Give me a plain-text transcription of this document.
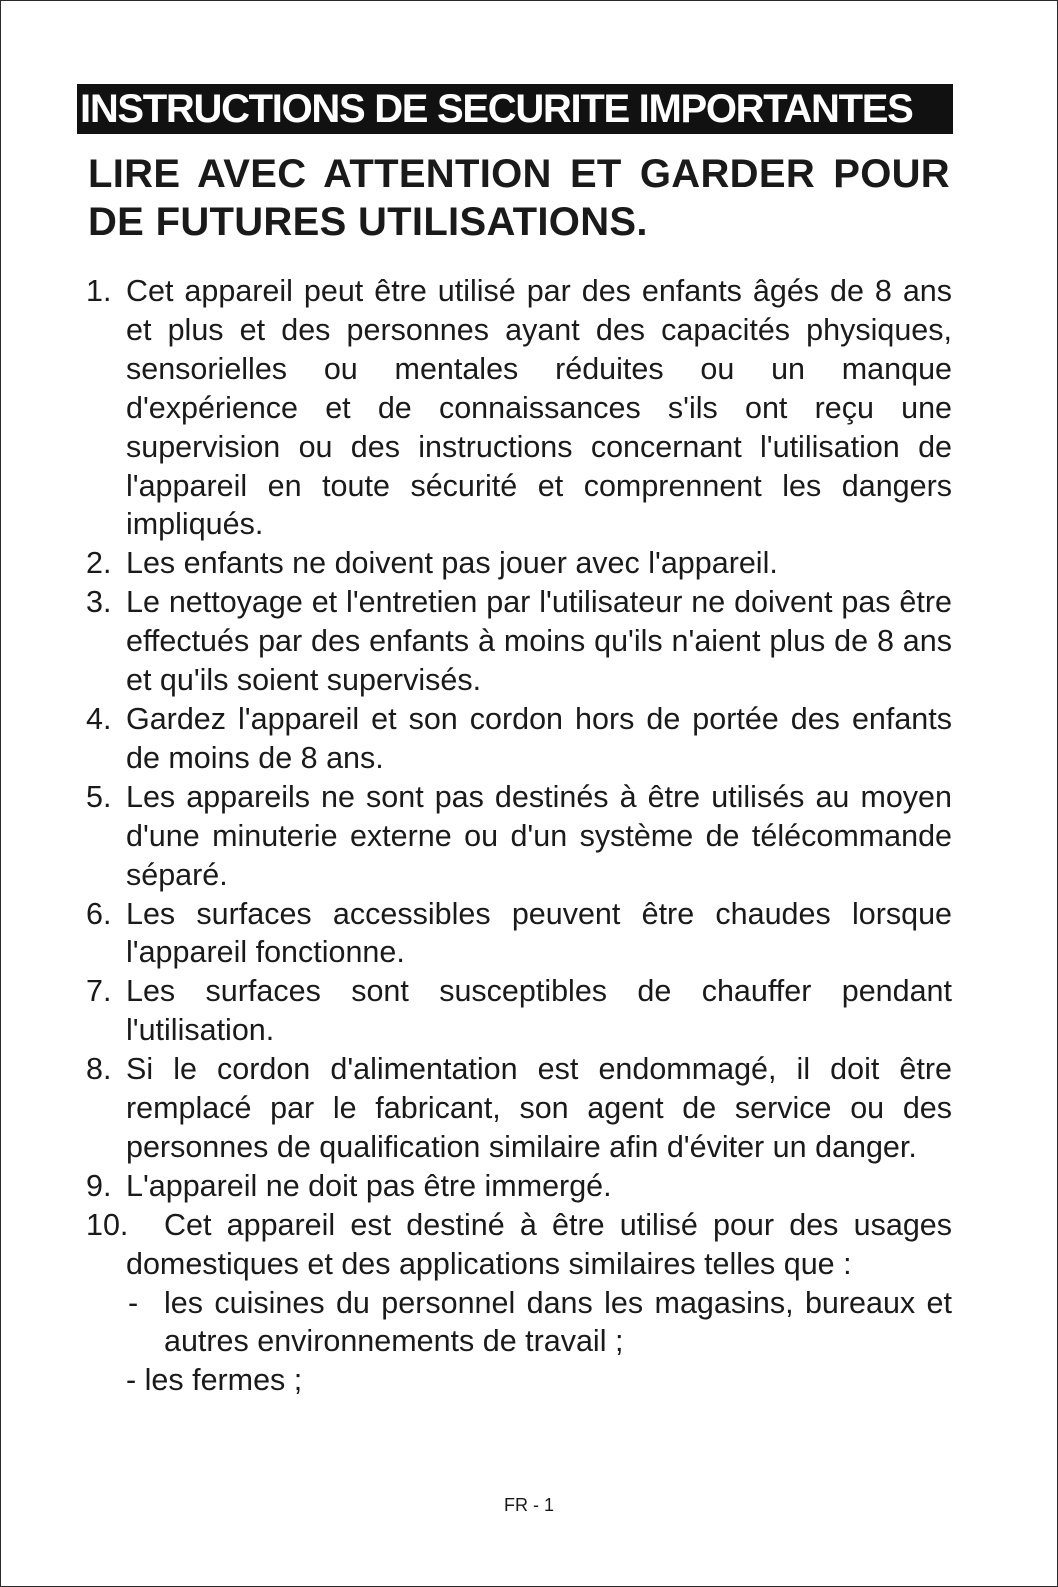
INSTRUCTIONS DE SECURITE IMPORTANTES
LIRE AVEC ATTENTION ET GARDER POUR
DE FUTURES UTILISATIONS.
1. Cet appareil peut être utilisé par des enfants âgés de 8 ans et plus et des personnes ayant des capacités physiques, sensorielles ou mentales réduites ou un manque d'expérience et de connaissances s'ils ont reçu une supervision ou des instructions concernant l'utilisation de l'appareil en toute sécurité et comprennent les dangers impliqués.
2. Les enfants ne doivent pas jouer avec l'appareil.
3. Le nettoyage et l'entretien par l'utilisateur ne doivent pas être effectués par des enfants à moins qu'ils n'aient plus de 8 ans et qu'ils soient supervisés.
4. Gardez l'appareil et son cordon hors de portée des enfants de moins de 8 ans.
5. Les appareils ne sont pas destinés à être utilisés au moyen d'une minuterie externe ou d'un système de télécommande séparé.
6. Les surfaces accessibles peuvent être chaudes lorsque l'appareil fonctionne.
7. Les surfaces sont susceptibles de chauffer pendant l'utilisation.
8. Si le cordon d'alimentation est endommagé, il doit être remplacé par le fabricant, son agent de service ou des personnes de qualification similaire afin d'éviter un danger.
9. L'appareil ne doit pas être immergé.
10. Cet appareil est destiné à être utilisé pour des usages domestiques et des applications similaires telles que :
- les cuisines du personnel dans les magasins, bureaux et autres environnements de travail ;
- les fermes ;
FR - 1
